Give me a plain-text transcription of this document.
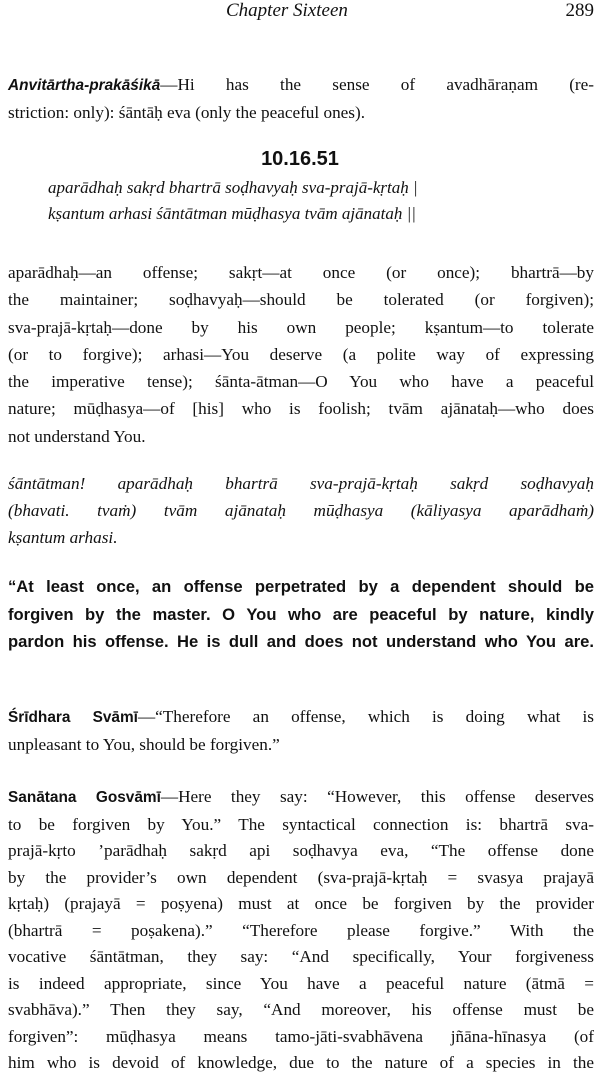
Chapter Sixteen	289

Anvitārtha-prakāśikā—Hi has the sense of avadhāraṇam (re-
striction: only): śāntāḥ eva (only the peaceful ones).

10.16.51
aparādhaḥ sakṛd bhartrā soḍhavyaḥ sva-prajā-kṛtaḥ |
kṣantum arhasi śāntātman mūḍhasya tvām ajānataḥ ||

aparādhaḥ—an offense; sakṛt—at once (or once); bhartrā—by
the maintainer; soḍhavyaḥ—should be tolerated (or forgiven);
sva-prajā-kṛtaḥ—done by his own people; kṣantum—to tolerate
(or to forgive); arhasi—You deserve (a polite way of expressing
the imperative tense); śānta-ātman—O You who have a peaceful
nature; mūḍhasya—of [his] who is foolish; tvām ajānataḥ—who does
not understand You.

śāntātman! aparādhaḥ bhartrā sva-prajā-kṛtaḥ sakṛd soḍhavyaḥ
(bhavati. tvaṁ) tvām ajānataḥ mūḍhasya (kāliyasya aparādhaṁ)
kṣantum arhasi.

“At least once, an offense perpetrated by a dependent should be
forgiven by the master. O You who are peaceful by nature, kindly
pardon his offense. He is dull and does not understand who You are.

Śrīdhara Svāmī—“Therefore an offense, which is doing what is
unpleasant to You, should be forgiven.”

Sanātana Gosvāmī—Here they say: “However, this offense deserves
to be forgiven by You.” The syntactical connection is: bhartrā sva-
prajā-kṛto ’parādhaḥ sakṛd api soḍhavya eva, “The offense done
by the provider’s own dependent (sva-prajā-kṛtaḥ = svasya prajayā
kṛtaḥ) (prajayā = poṣyena) must at once be forgiven by the provider
(bhartrā = poṣakena).” “Therefore please forgive.” With the
vocative śāntātman, they say: “And specifically, Your forgiveness
is indeed appropriate, since You have a peaceful nature (ātmā =
svabhāva).” Then they say, “And moreover, his offense must be
forgiven”: mūḍhasya means tamo-jāti-svabhāvena jñāna-hīnasya (of
him who is devoid of knowledge, due to the nature of a species in the
